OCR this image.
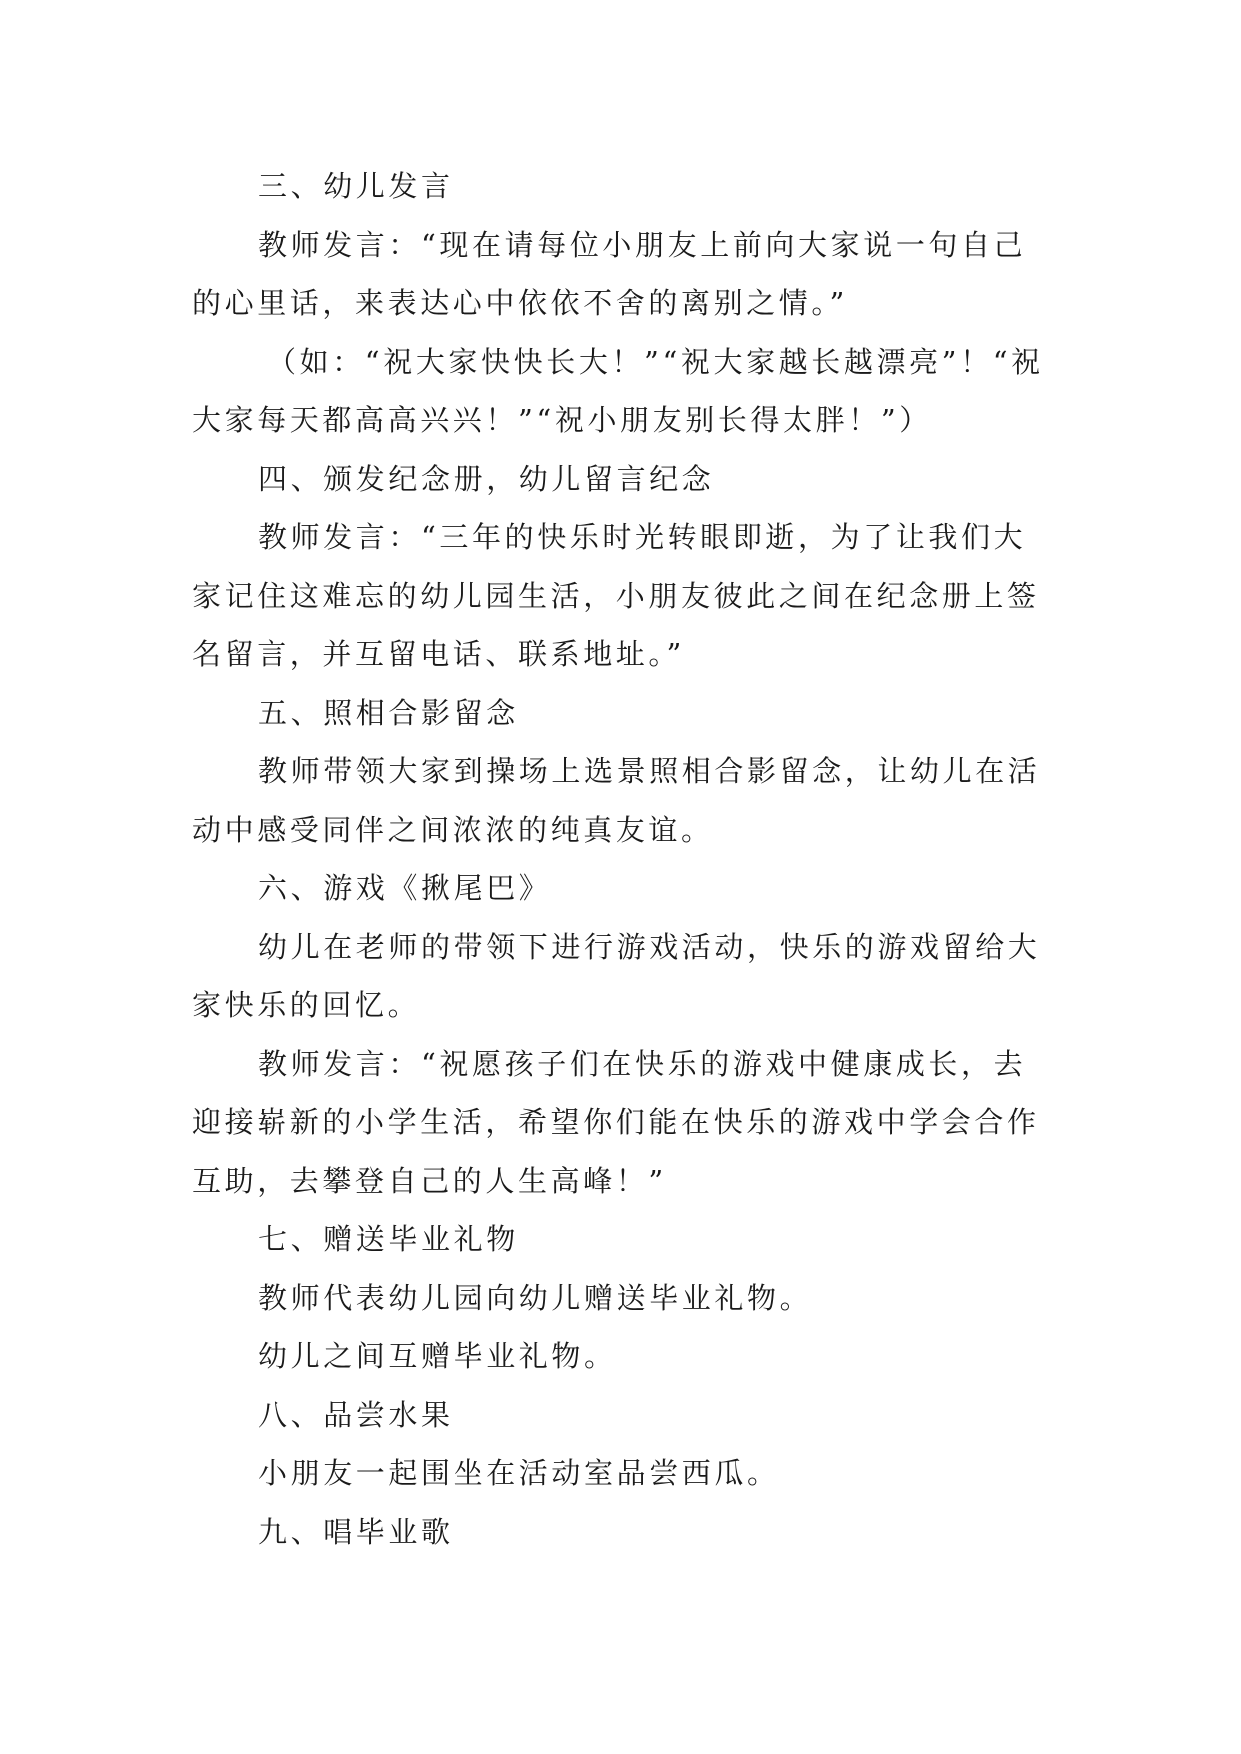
三、幼儿发言

教师发言：“现在请每位小朋友上前向大家说一句自己的心里话，来表达心中依依不舍的离别之情。”

（如：“祝大家快快长大！”“祝大家越长越漂亮”！“祝大家每天都高高兴兴！”“祝小朋友别长得太胖！”）

四、颁发纪念册，幼儿留言纪念

教师发言：“三年的快乐时光转眼即逝，为了让我们大家记住这难忘的幼儿园生活，小朋友彼此之间在纪念册上签名留言，并互留电话、联系地址。”

五、照相合影留念

教师带领大家到操场上选景照相合影留念，让幼儿在活动中感受同伴之间浓浓的纯真友谊。

六、游戏《揪尾巴》

幼儿在老师的带领下进行游戏活动，快乐的游戏留给大家快乐的回忆。

教师发言：“祝愿孩子们在快乐的游戏中健康成长，去迎接崭新的小学生活，希望你们能在快乐的游戏中学会合作互助，去攀登自己的人生高峰！”

七、赠送毕业礼物

教师代表幼儿园向幼儿赠送毕业礼物。

幼儿之间互赠毕业礼物。

八、品尝水果

小朋友一起围坐在活动室品尝西瓜。

九、唱毕业歌
